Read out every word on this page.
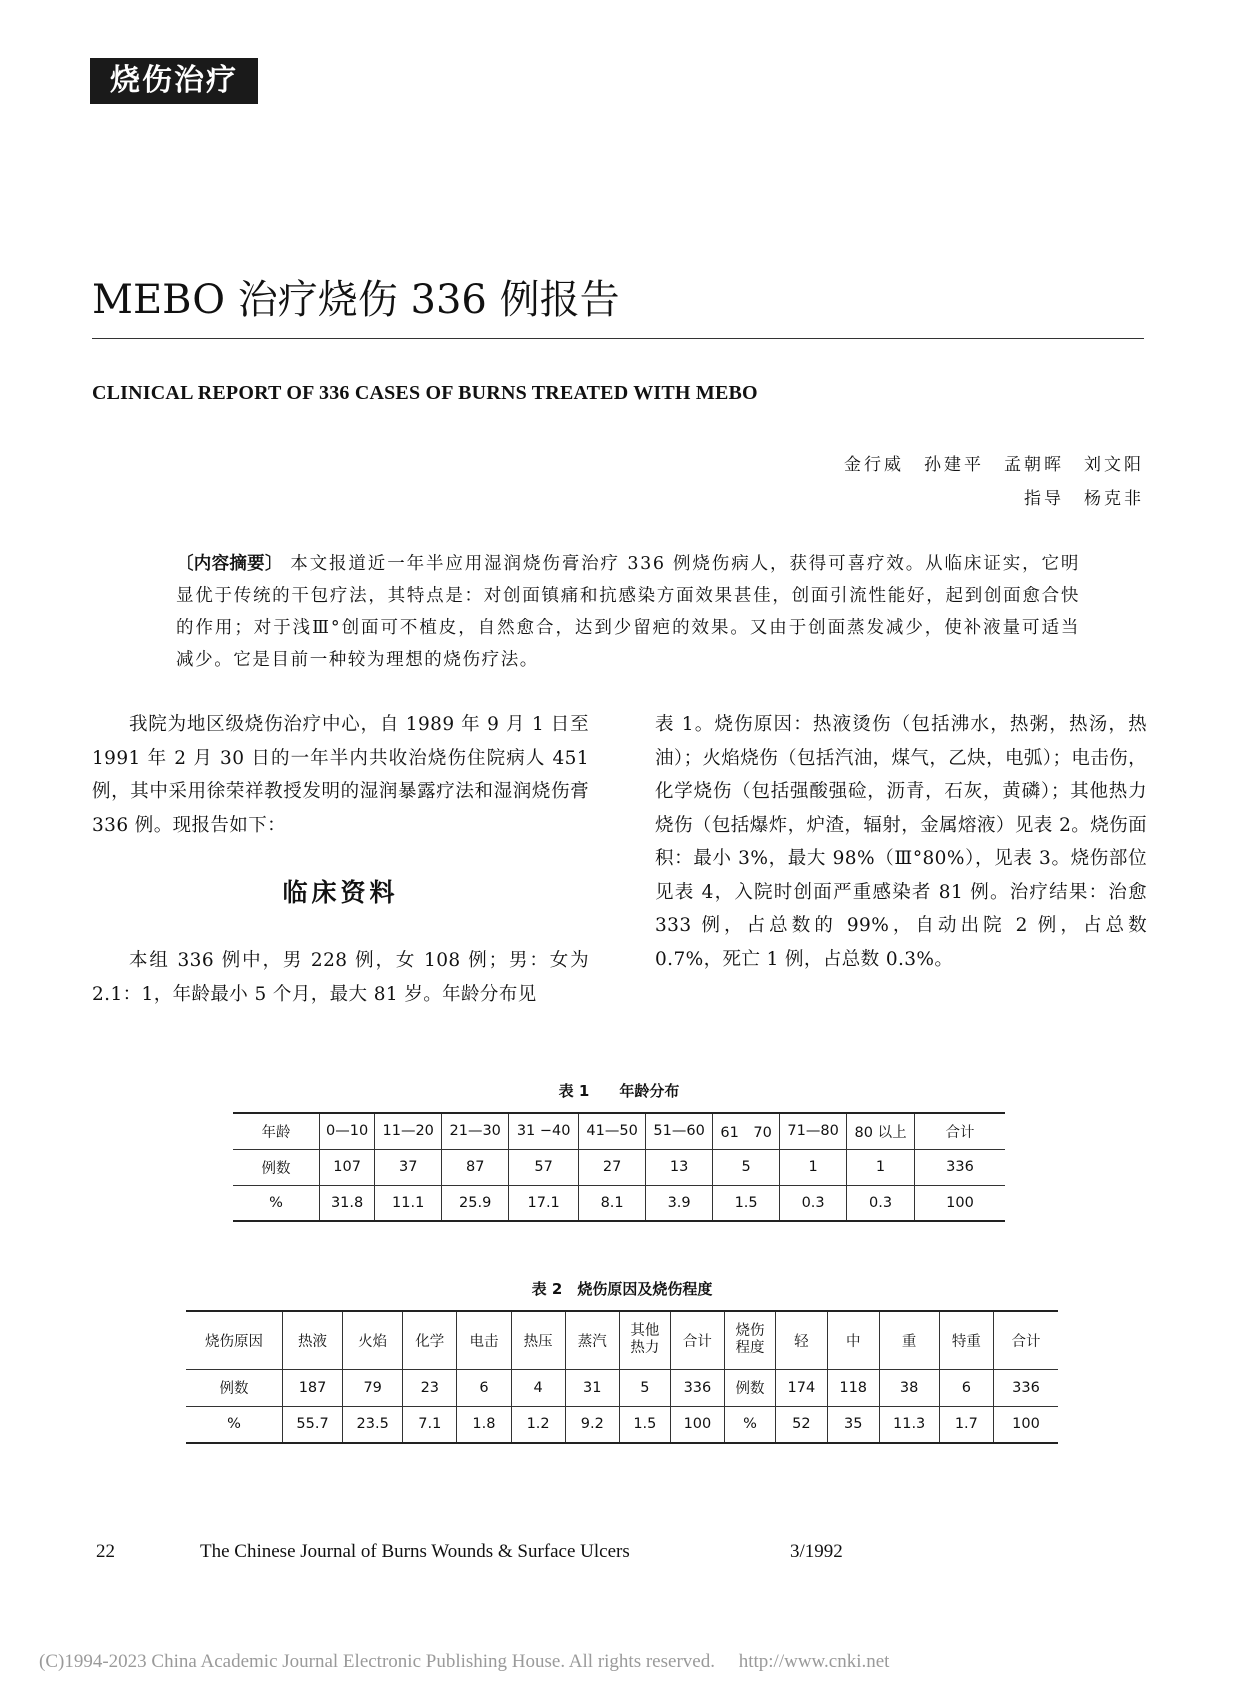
烧伤治疗
MEBO 治疗烧伤 336 例报告
CLINICAL REPORT OF 336 CASES OF BURNS TREATED WITH MEBO
金行威　孙建平　孟朝晖　刘文阳
指导　杨克非
〔内容摘要〕 本文报道近一年半应用湿润烧伤膏治疗 336 例烧伤病人，获得可喜疗效。从临床证实，它明显优于传统的干包疗法，其特点是：对创面镇痛和抗感染方面效果甚佳，创面引流性能好，起到创面愈合快的作用；对于浅Ⅲ°创面可不植皮，自然愈合，达到少留疤的效果。又由于创面蒸发减少，使补液量可适当减少。它是目前一种较为理想的烧伤疗法。

我院为地区级烧伤治疗中心，自 1989 年 9 月 1 日至 1991 年 2 月 30 日的一年半内共收治烧伤住院病人 451 例，其中采用徐荣祥教授发明的湿润暴露疗法和湿润烧伤膏 336 例。现报告如下：

临床资料

本组 336 例中，男 228 例，女 108 例；男：女为 2.1：1，年龄最小 5 个月，最大 81 岁。年龄分布见

表 1。烧伤原因：热液烫伤（包括沸水，热粥，热汤，热油）；火焰烧伤（包括汽油，煤气，乙炔，电弧）；电击伤，化学烧伤（包括强酸强硷，沥青，石灰，黄磷）；其他热力烧伤（包括爆炸，炉渣，辐射，金属熔液）见表 2。烧伤面积：最小 3%，最大 98%（Ⅲ°80%），见表 3。烧伤部位见表 4，入院时创面严重感染者 81 例。治疗结果：治愈 333 例，占总数的 99%，自动出院 2 例，占总数 0.7%，死亡 1 例，占总数 0.3%。

表 1　　年龄分布
年龄	0—10	11—20	21—30	31 −40	41—50	51—60	61　70	71—80	80 以上	合计
例数	107	37	87	57	27	13	5	1	1	336
%	31.8	11.1	25.9	17.1	8.1	3.9	1.5	0.3	0.3	100
表 2　烧伤原因及烧伤程度
烧伤原因	热液	火焰	化学	电击	热压	蒸汽	其他热力	合计	烧伤程度	轻	中	重	特重	合计
例数	187	79	23	6	4	31	5	336	例数	174	118	38	6	336
%	55.7	23.5	7.1	1.8	1.2	9.2	1.5	100	%	52	35	11.3	1.7	100
22	The Chinese Journal of Burns Wounds & Surface Ulcers	3/1992
(C)1994-2023 China Academic Journal Electronic Publishing House. All rights reserved.　 http://www.cnki.net
